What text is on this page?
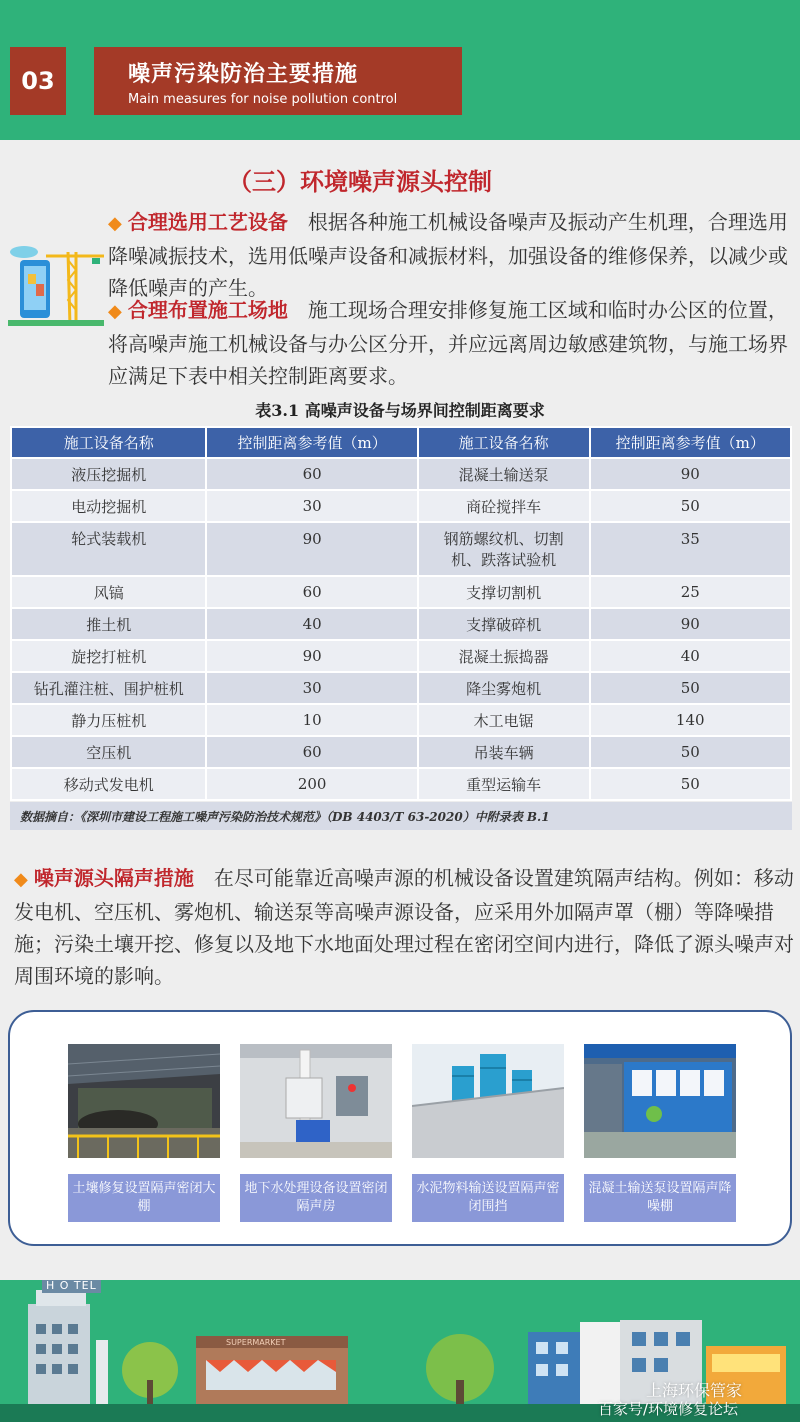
03	噪声污染防治主要措施
Main measures for noise pollution control
（三）环境噪声源头控制
◆ 合理选用工艺设备 根据各种施工机械设备噪声及振动产生机理，合理选用降噪减振技术，选用低噪声设备和减振材料，加强设备的维修保养，以减少或降低噪声的产生。
◆ 合理布置施工场地 施工现场合理安排修复施工区域和临时办公区的位置，将高噪声施工机械设备与办公区分开，并应远离周边敏感建筑物，与施工场界应满足下表中相关控制距离要求。
表3.1 高噪声设备与场界间控制距离要求
施工设备名称	控制距离参考值（m）	施工设备名称	控制距离参考值（m）
液压挖掘机	60	混凝土输送泵	90
电动挖掘机	30	商砼搅拌车	50
轮式装载机	90	钢筋螺纹机、切割机、跌落试验机	35
风镐	60	支撑切割机	25
推土机	40	支撑破碎机	90
旋挖打桩机	90	混凝土振捣器	40
钻孔灌注桩、围护桩机	30	降尘雾炮机	50
静力压桩机	10	木工电锯	140
空压机	60	吊装车辆	50
移动式发电机	200	重型运输车	50
数据摘自：《深圳市建设工程施工噪声污染防治技术规范》（DB 4403/T 63-2020）中附录表 B.1
◆ 噪声源头隔声措施 在尽可能靠近高噪声源的机械设备设置建筑隔声结构。例如：移动发电机、空压机、雾炮机、输送泵等高噪声源设备，应采用外加隔声罩（棚）等降噪措施；污染土壤开挖、修复以及地下水地面处理过程在密闭空间内进行，降低了源头噪声对周围环境的影响。
土壤修复设置隔声密闭大棚
地下水处理设备设置密闭隔声房
水泥物料输送设置隔声密闭围挡
混凝土输送泵设置隔声降噪棚
H O TEL
SUPERMARKET
上海环保管家
百家号/环境修复论坛
